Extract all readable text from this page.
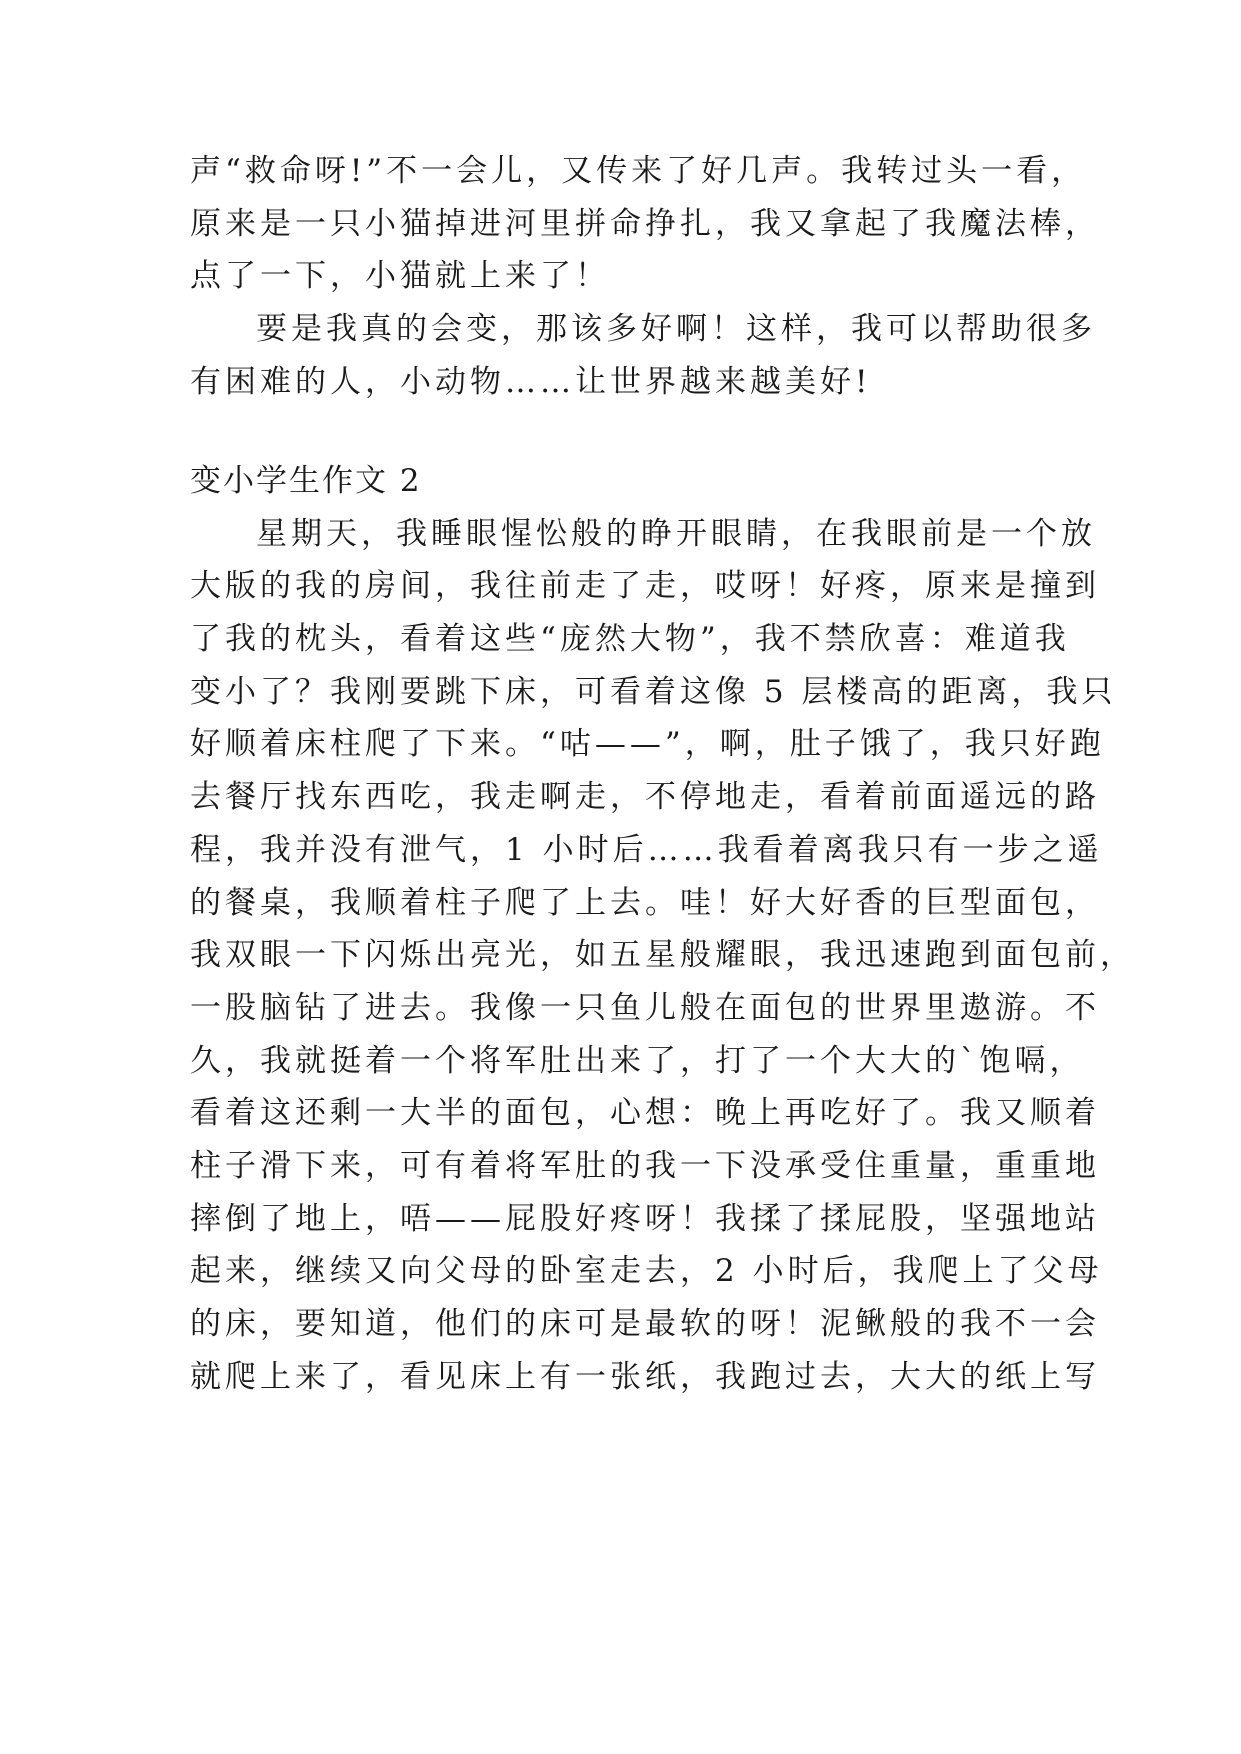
声“救命呀!”不一会儿，又传来了好几声。我转过头一看，
原来是一只小猫掉进河里拼命挣扎，我又拿起了我魔法棒，
点了一下，小猫就上来了！
要是我真的会变，那该多好啊！这样，我可以帮助很多
有困难的人，小动物……让世界越来越美好!
变小学生作文 2
星期天，我睡眼惺忪般的睁开眼睛，在我眼前是一个放
大版的我的房间，我往前走了走，哎呀！好疼，原来是撞到
了我的枕头，看着这些“庞然大物”，我不禁欣喜：难道我
变小了？我刚要跳下床，可看着这像 5 层楼高的距离，我只
好顺着床柱爬了下来。“咕——”，啊，肚子饿了，我只好跑
去餐厅找东西吃，我走啊走，不停地走，看着前面遥远的路
程，我并没有泄气，1 小时后……我看着离我只有一步之遥
的餐桌，我顺着柱子爬了上去。哇！好大好香的巨型面包，
我双眼一下闪烁出亮光，如五星般耀眼，我迅速跑到面包前，
一股脑钻了进去。我像一只鱼儿般在面包的世界里遨游。不
久，我就挺着一个将军肚出来了，打了一个大大的`饱嗝，
看着这还剩一大半的面包，心想：晚上再吃好了。我又顺着
柱子滑下来，可有着将军肚的我一下没承受住重量，重重地
摔倒了地上，唔——屁股好疼呀！我揉了揉屁股，坚强地站
起来，继续又向父母的卧室走去，2 小时后，我爬上了父母
的床，要知道，他们的床可是最软的呀！泥鳅般的我不一会
就爬上来了，看见床上有一张纸，我跑过去，大大的纸上写
